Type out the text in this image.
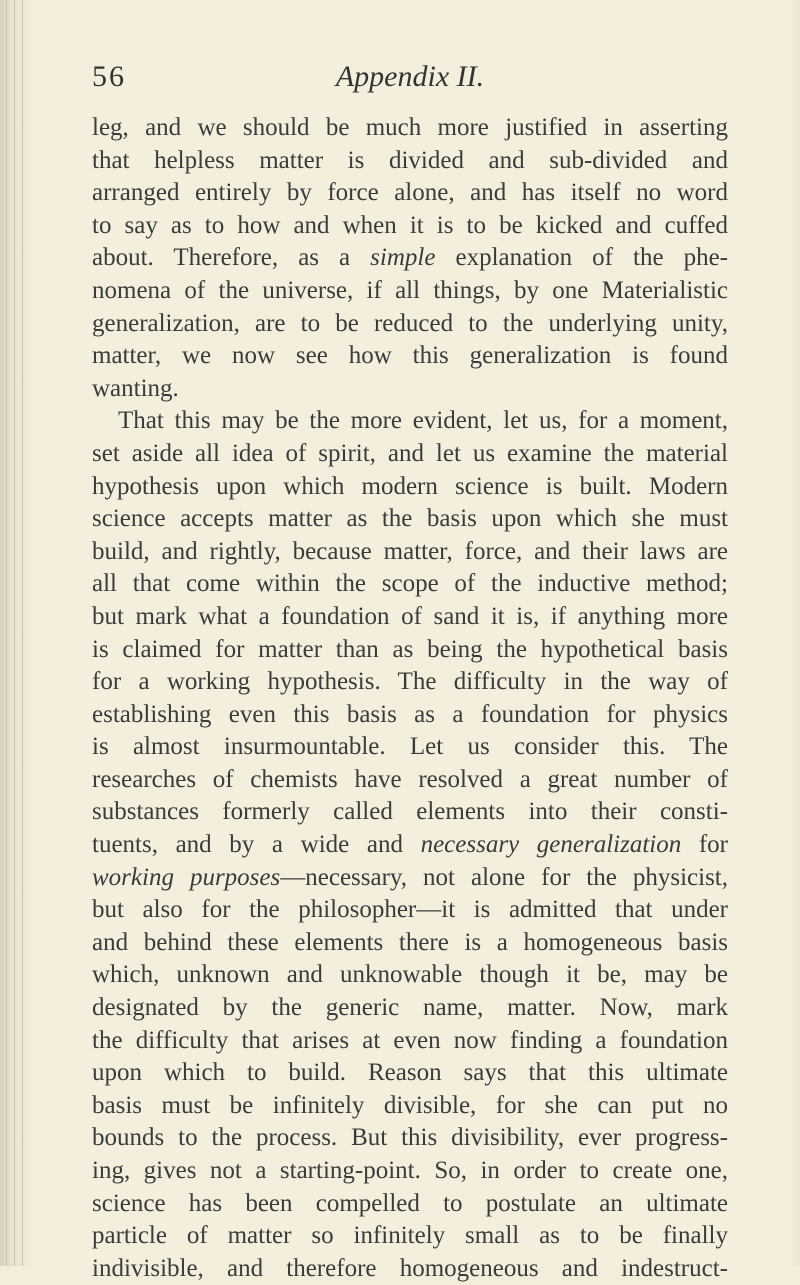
Appendix II.
56
leg, and we should be much more justified in asserting
that helpless matter is divided and sub-divided and
arranged entirely by force alone, and has itself no word
to say as to how and when it is to be kicked and cuffed
about. Therefore, as a simple explanation of the phe-
nomena of the universe, if all things, by one Materialistic
generalization, are to be reduced to the underlying unity,
matter, we now see how this generalization is found
wanting.
That this may be the more evident, let us, for a moment,
set aside all idea of spirit, and let us examine the material
hypothesis upon which modern science is built. Modern
science accepts matter as the basis upon which she must
build, and rightly, because matter, force, and their laws are
all that come within the scope of the inductive method;
but mark what a foundation of sand it is, if anything more
is claimed for matter than as being the hypothetical basis
for a working hypothesis. The difficulty in the way of
establishing even this basis as a foundation for physics
is almost insurmountable. Let us consider this. The
researches of chemists have resolved a great number of
substances formerly called elements into their consti-
tuents, and by a wide and necessary generalization for
working purposes—necessary, not alone for the physicist,
but also for the philosopher—it is admitted that under
and behind these elements there is a homogeneous basis
which, unknown and unknowable though it be, may be
designated by the generic name, matter. Now, mark
the difficulty that arises at even now finding a foundation
upon which to build. Reason says that this ultimate
basis must be infinitely divisible, for she can put no
bounds to the process. But this divisibility, ever progress-
ing, gives not a starting-point. So, in order to create one,
science has been compelled to postulate an ultimate
particle of matter so infinitely small as to be finally
indivisible, and therefore homogeneous and indestruct-
